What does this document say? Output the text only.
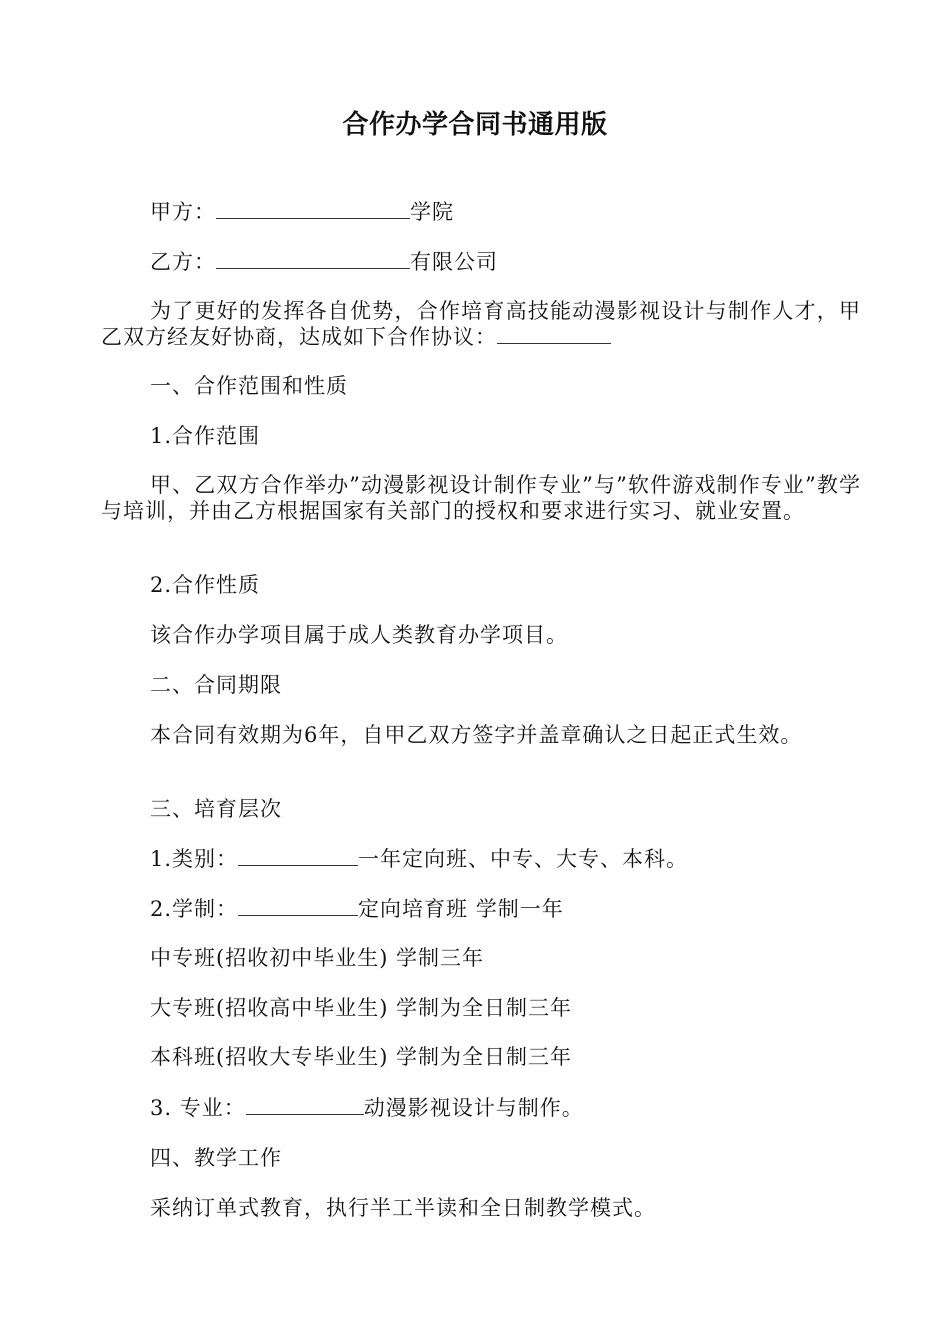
合作办学合同书通用版

甲方：	学院

乙方：	有限公司

为了更好的发挥各自优势，合作培育高技能动漫影视设计与制作人才，甲乙双方经友好协商，达成如下合作协议：

一、合作范围和性质

1.合作范围

甲、乙双方合作举办”动漫影视设计制作专业”与”软件游戏制作专业”教学与培训，并由乙方根据国家有关部门的授权和要求进行实习、就业安置。

2.合作性质

该合作办学项目属于成人类教育办学项目。

二、合同期限

本合同有效期为6年，自甲乙双方签字并盖章确认之日起正式生效。

三、培育层次

1.类别：	一年定向班、中专、大专、本科。

2.学制：	定向培育班 学制一年

中专班(招收初中毕业生) 学制三年

大专班(招收高中毕业生) 学制为全日制三年

本科班(招收大专毕业生) 学制为全日制三年

3. 专业：	动漫影视设计与制作。

四、教学工作

采纳订单式教育，执行半工半读和全日制教学模式。
